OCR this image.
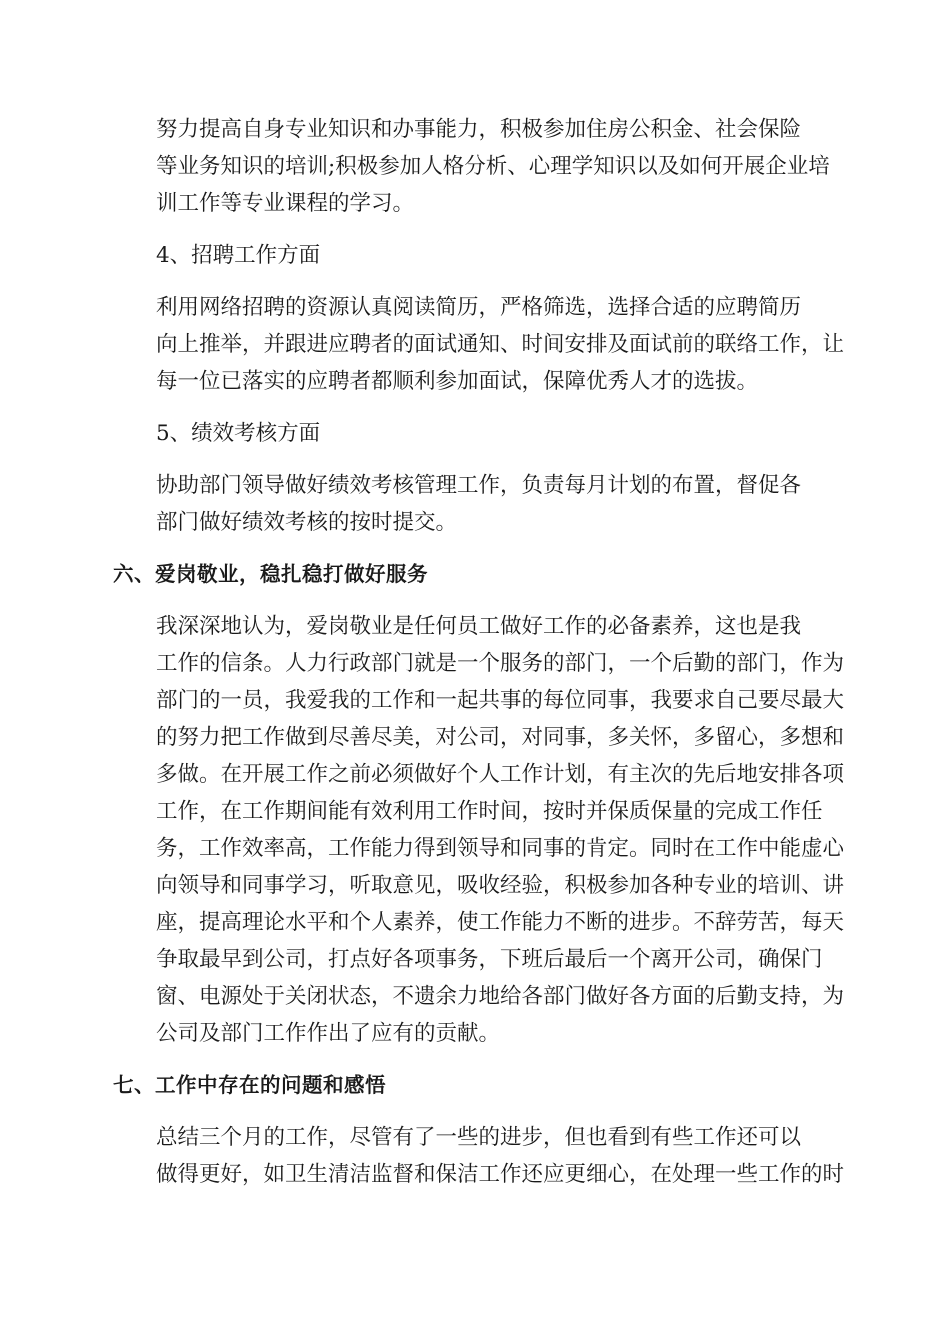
努力提高自身专业知识和办事能力，积极参加住房公积金、社会保险
等业务知识的培训;积极参加人格分析、心理学知识以及如何开展企业培
训工作等专业课程的学习。
4、招聘工作方面
利用网络招聘的资源认真阅读简历，严格筛选，选择合适的应聘简历
向上推举，并跟进应聘者的面试通知、时间安排及面试前的联络工作，让
每一位已落实的应聘者都顺利参加面试，保障优秀人才的选拔。
5、绩效考核方面
协助部门领导做好绩效考核管理工作，负责每月计划的布置，督促各
部门做好绩效考核的按时提交。
六、爱岗敬业，稳扎稳打做好服务
我深深地认为，爱岗敬业是任何员工做好工作的必备素养，这也是我
工作的信条。人力行政部门就是一个服务的部门，一个后勤的部门，作为
部门的一员，我爱我的工作和一起共事的每位同事，我要求自己要尽最大
的努力把工作做到尽善尽美，对公司，对同事，多关怀，多留心，多想和
多做。在开展工作之前必须做好个人工作计划，有主次的先后地安排各项
工作，在工作期间能有效利用工作时间，按时并保质保量的完成工作任
务，工作效率高，工作能力得到领导和同事的肯定。同时在工作中能虚心
向领导和同事学习，听取意见，吸收经验，积极参加各种专业的培训、讲
座，提高理论水平和个人素养，使工作能力不断的进步。不辞劳苦，每天
争取最早到公司，打点好各项事务，下班后最后一个离开公司，确保门
窗、电源处于关闭状态，不遗余力地给各部门做好各方面的后勤支持，为
公司及部门工作作出了应有的贡献。
七、工作中存在的问题和感悟
总结三个月的工作，尽管有了一些的进步，但也看到有些工作还可以
做得更好，如卫生清洁监督和保洁工作还应更细心，在处理一些工作的时
